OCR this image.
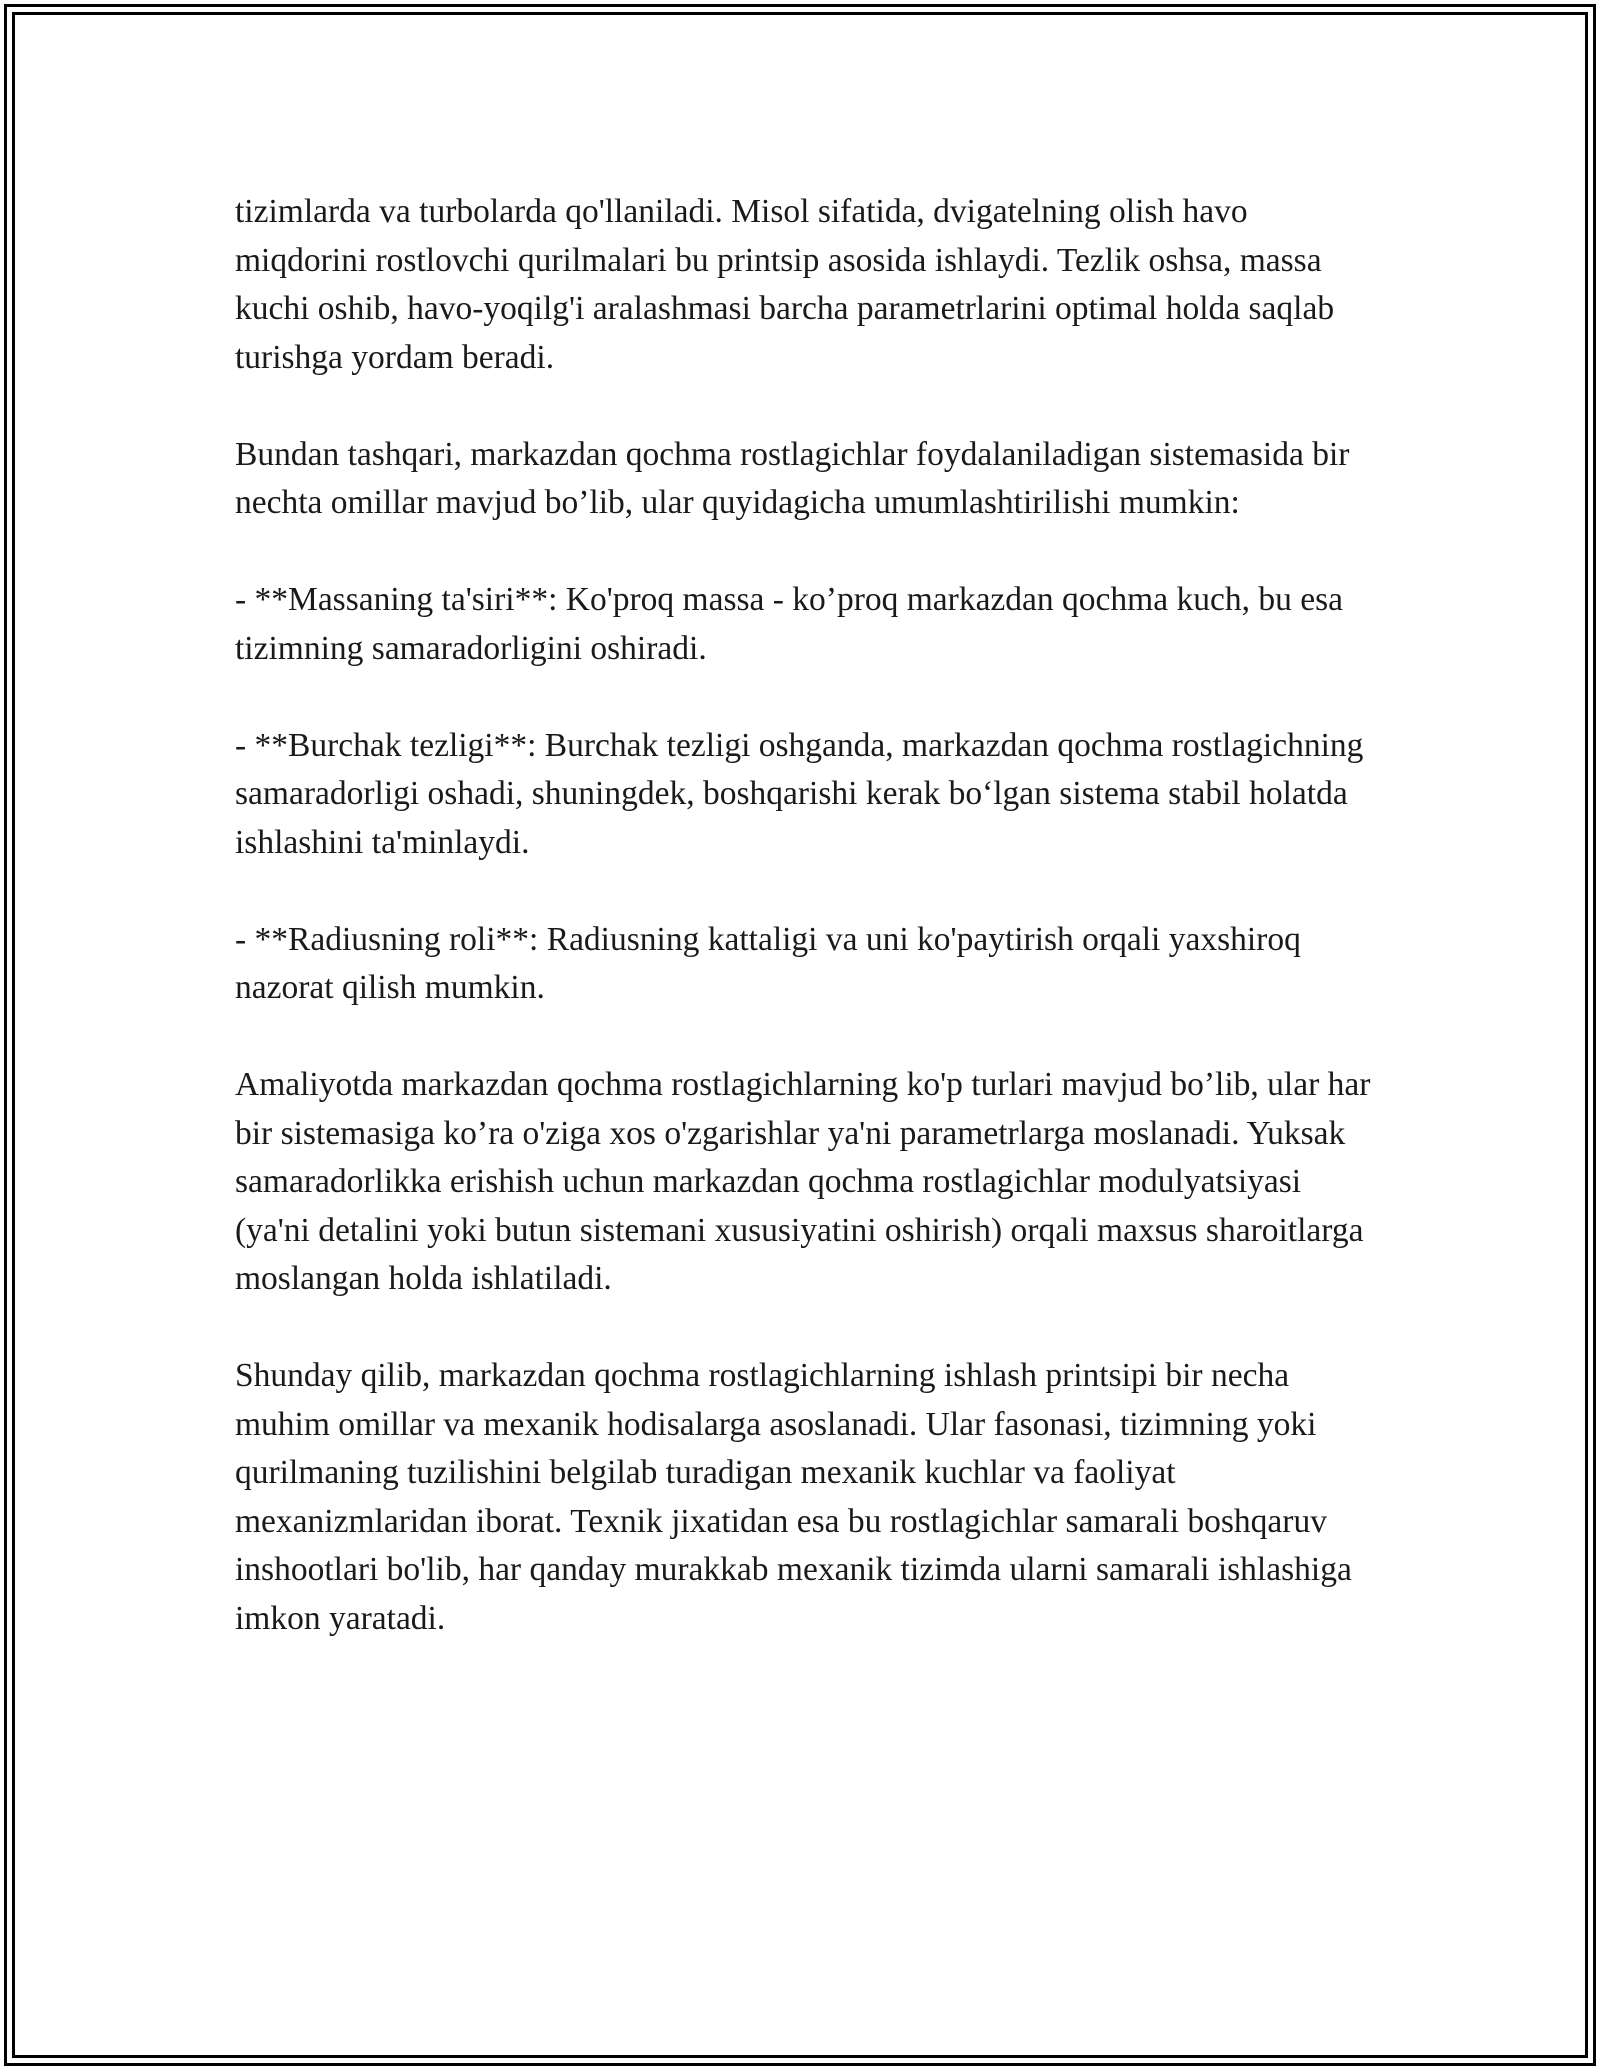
tizimlarda va turbolarda qo'llaniladi. Misol sifatida, dvigatelning olish havo miqdorini rostlovchi qurilmalari bu printsip asosida ishlaydi. Tezlik oshsa, massa kuchi oshib, havo-yoqilg'i aralashmasi barcha parametrlarini optimal holda saqlab turishga yordam beradi.

Bundan tashqari, markazdan qochma rostlagichlar foydalaniladigan sistemasida bir nechta omillar mavjud bo’lib, ular quyidagicha umumlashtirilishi mumkin:

- **Massaning ta'siri**: Ko'proq massa - ko’proq markazdan qochma kuch, bu esa tizimning samaradorligini oshiradi.

- **Burchak tezligi**: Burchak tezligi oshganda, markazdan qochma rostlagichning samaradorligi oshadi, shuningdek, boshqarishi kerak bo‘lgan sistema stabil holatda ishlashini ta'minlaydi.

- **Radiusning roli**: Radiusning kattaligi va uni ko'paytirish orqali yaxshiroq nazorat qilish mumkin.

Amaliyotda markazdan qochma rostlagichlarning ko'p turlari mavjud bo’lib, ular har bir sistemasiga ko’ra o'ziga xos o'zgarishlar ya'ni parametrlarga moslanadi. Yuksak samaradorlikka erishish uchun markazdan qochma rostlagichlar modulyatsiyasi (ya'ni detalini yoki butun sistemani xususiyatini oshirish) orqali maxsus sharoitlarga moslangan holda ishlatiladi.

Shunday qilib, markazdan qochma rostlagichlarning ishlash printsipi bir necha muhim omillar va mexanik hodisalarga asoslanadi. Ular fasonasi, tizimning yoki qurilmaning tuzilishini belgilab turadigan mexanik kuchlar va faoliyat mexanizmlaridan iborat. Texnik jixatidan esa bu rostlagichlar samarali boshqaruv inshootlari bo'lib, har qanday murakkab mexanik tizimda ularni samarali ishlashiga imkon yaratadi.
